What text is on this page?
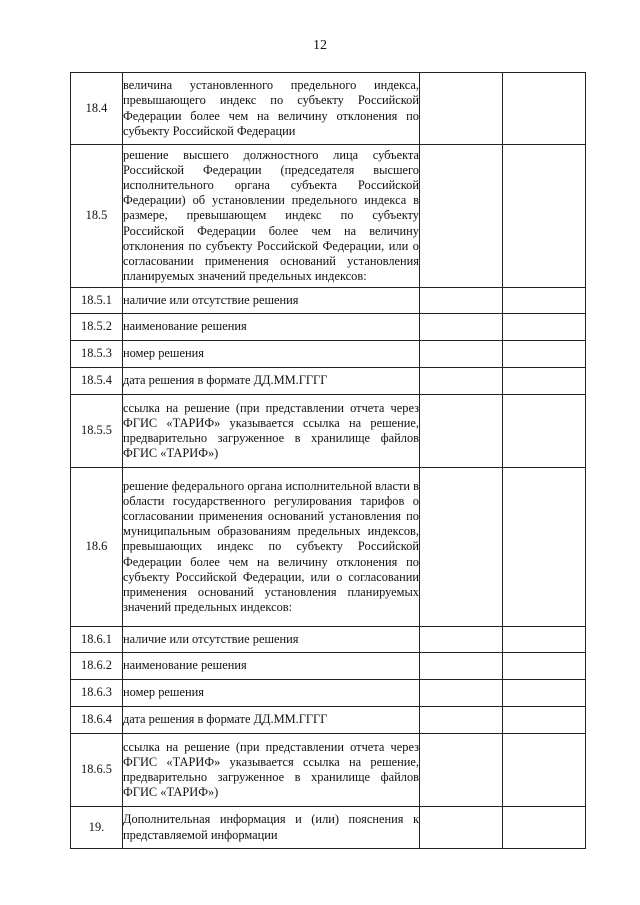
12
18.4	величина установленного предельного индекса, превышающего индекс по субъекту Российской Федерации более чем на величину отклонения по субъекту Российской Федерации		

18.5	решение высшего должностного лица субъекта Российской Федерации (председателя высшего исполнительного органа субъекта Российской Федерации) об установлении предельного индекса в размере, превышающем индекс по субъекту Российской Федерации более чем на величину отклонения по субъекту Российской Федерации, или о согласовании применения оснований установления планируемых значений предельных индексов:		

18.5.1	наличие или отсутствие решения		

18.5.2	наименование решения		

18.5.3	номер решения		

18.5.4	дата решения в формате ДД.ММ.ГГГГ		

18.5.5	ссылка на решение (при представлении отчета через ФГИС «ТАРИФ» указывается ссылка на решение, предварительно загруженное в хранилище файлов ФГИС «ТАРИФ»)		

18.6	решение федерального органа исполнительной власти в области государственного регулирования тарифов о согласовании применения оснований установления по муниципальным образованиям предельных индексов, превышающих индекс по субъекту Российской Федерации более чем на величину отклонения по субъекту Российской Федерации, или о согласовании применения оснований установления планируемых значений предельных индексов:		

18.6.1	наличие или отсутствие решения		

18.6.2	наименование решения		

18.6.3	номер решения		

18.6.4	дата решения в формате ДД.ММ.ГГГГ		

18.6.5	ссылка на решение (при представлении отчета через ФГИС «ТАРИФ» указывается ссылка на решение, предварительно загруженное в хранилище файлов ФГИС «ТАРИФ»)		

19.	Дополнительная информация и (или) пояснения к представляемой информации		
